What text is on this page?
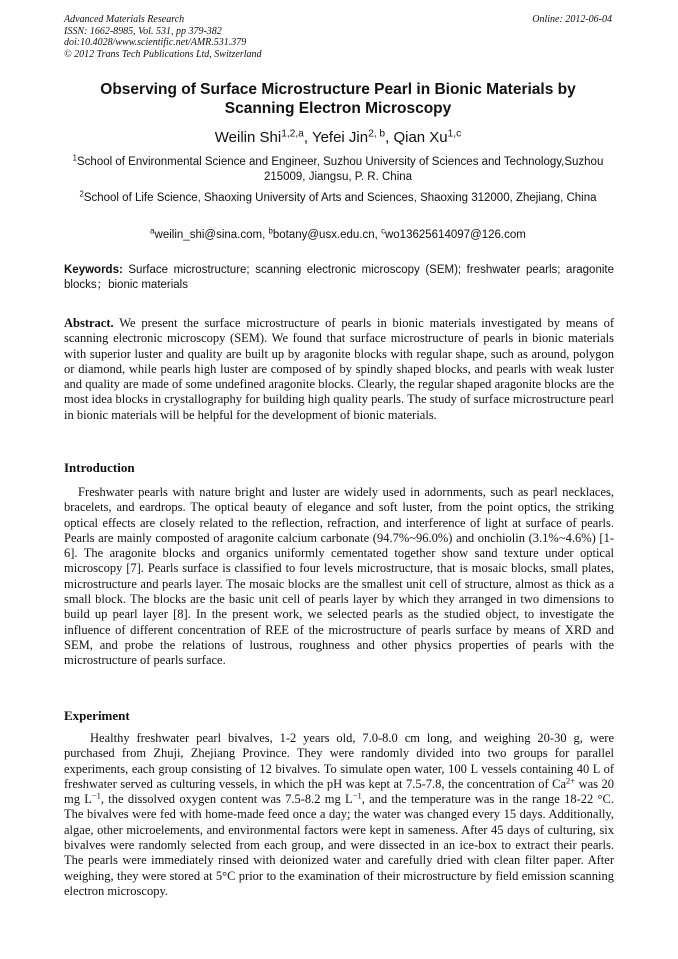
Advanced Materials Research
ISSN: 1662-8985, Vol. 531, pp 379-382
doi:10.4028/www.scientific.net/AMR.531.379
© 2012 Trans Tech Publications Ltd, Switzerland
Online: 2012-06-04
Observing of Surface Microstructure Pearl in Bionic Materials by Scanning Electron Microscopy
Weilin Shi$^{1,2,a}$, Yefei Jin$^{2, b}$, Qian Xu$^{1,c}$
$^1$School of Environmental Science and Engineer, Suzhou University of Sciences and Technology,Suzhou 215009, Jiangsu, P. R. China
$^2$School of Life Science, Shaoxing University of Arts and Sciences, Shaoxing 312000, Zhejiang, China
$^a$weilin_shi@sina.com, $^b$botany@usx.edu.cn, $^c$wo13625614097@126.com
Keywords: Surface microstructure; scanning electronic microscopy (SEM); freshwater pearls; aragonite blocks；bionic materials
Abstract. We present the surface microstructure of pearls in bionic materials investigated by means of scanning electronic microscopy (SEM). We found that surface microstructure of pearls in bionic materials with superior luster and quality are built up by aragonite blocks with regular shape, such as around, polygon or diamond, while pearls high luster are composed of by spindly shaped blocks, and pearls with weak luster and quality are made of some undefined aragonite blocks. Clearly, the regular shaped aragonite blocks are the most idea blocks in crystallography for building high quality pearls. The study of surface microstructure pearl in bionic materials will be helpful for the development of bionic materials.
Introduction
Freshwater pearls with nature bright and luster are widely used in adornments, such as pearl necklaces, bracelets, and eardrops. The optical beauty of elegance and soft luster, from the point optics, the striking optical effects are closely related to the reflection, refraction, and interference of light at surface of pearls. Pearls are mainly composted of aragonite calcium carbonate (94.7%~96.0%) and onchiolin (3.1%~4.6%) [1-6]. The aragonite blocks and organics uniformly cementated together show sand texture under optical microscopy [7]. Pearls surface is classified to four levels microstructure, that is mosaic blocks, small plates, microstructure and pearls layer. The mosaic blocks are the smallest unit cell of structure, almost as thick as a small block. The blocks are the basic unit cell of pearls layer by which they arranged in two dimensions to build up pearl layer [8]. In the present work, we selected pearls as the studied object, to investigate the influence of different concentration of REE of the microstructure of pearls surface by means of XRD and SEM, and probe the relations of lustrous, roughness and other physics properties of pearls with the microstructure of pearls surface.
Experiment
Healthy freshwater pearl bivalves, 1-2 years old, 7.0-8.0 cm long, and weighing 20-30 g, were purchased from Zhuji, Zhejiang Province. They were randomly divided into two groups for parallel experiments, each group consisting of 12 bivalves. To simulate open water, 100 L vessels containing 40 L of freshwater served as culturing vessels, in which the pH was kept at 7.5-7.8, the concentration of $Ca^{2+}$ was 20 mg $L^{-1}$, the dissolved oxygen content was 7.5-8.2 mg $L^{-1}$, and the temperature was in the range 18-22 °C. The bivalves were fed with home-made feed once a day; the water was changed every 15 days. Additionally, algae, other microelements, and environmental factors were kept in sameness. After 45 days of culturing, six bivalves were randomly selected from each group, and were dissected in an ice-box to extract their pearls. The pearls were immediately rinsed with deionized water and carefully dried with clean filter paper. After weighing, they were stored at 5°C prior to the examination of their microstructure by field emission scanning electron microscopy.
